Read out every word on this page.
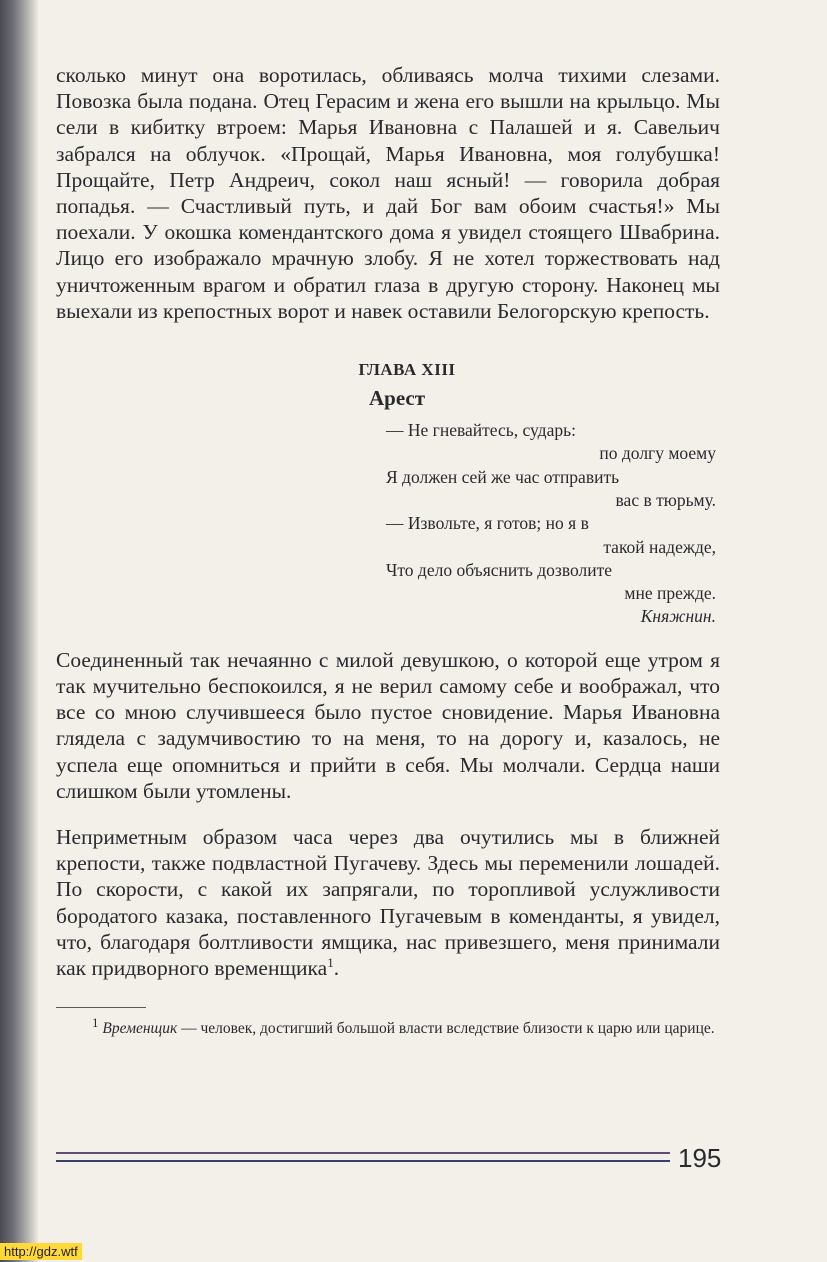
сколько минут она воротилась, обливаясь молча тихими слезами. Повозка была подана. Отец Герасим и жена его вышли на крыльцо. Мы сели в кибитку втроем: Марья Ивановна с Палашей и я. Савельич забрался на облучок. «Прощай, Марья Ивановна, моя голубушка! Прощайте, Петр Андреич, сокол наш ясный! — говорила добрая попадья. — Счастливый путь, и дай Бог вам обоим счастья!» Мы поехали. У окошка комендантского дома я увидел стоящего Швабрина. Лицо его изображало мрачную злобу. Я не хотел торжествовать над уничтоженным врагом и обратил глаза в другую сторону. Наконец мы выехали из крепостных ворот и навек оставили Белогорскую крепость.

ГЛАВА XIII
Арест
— Не гневайтесь, сударь:
по долгу моему
Я должен сей же час отправить
вас в тюрьму.
— Извольте, я готов; но я в
такой надежде,
Что дело объяснить дозволите
мне прежде.
Княжнин.

Соединенный так нечаянно с милой девушкою, о которой еще утром я так мучительно беспокоился, я не верил самому себе и воображал, что все со мною случившееся было пустое сновидение. Марья Ивановна глядела с задумчивостию то на меня, то на дорогу и, казалось, не успела еще опомниться и прийти в себя. Мы молчали. Сердца наши слишком были утомлены.

Неприметным образом часа через два очутились мы в ближней крепости, также подвластной Пугачеву. Здесь мы переменили лошадей. По скорости, с какой их запрягали, по торопливой услужливости бородатого казака, поставленного Пугачевым в коменданты, я увидел, что, благодаря болтливости ямщика, нас привезшего, меня принимали как придворного временщика$^1$.

$^1$ Временщик — человек, достигший большой власти вследствие близости к царю или царице.

195
http://gdz.wtf
